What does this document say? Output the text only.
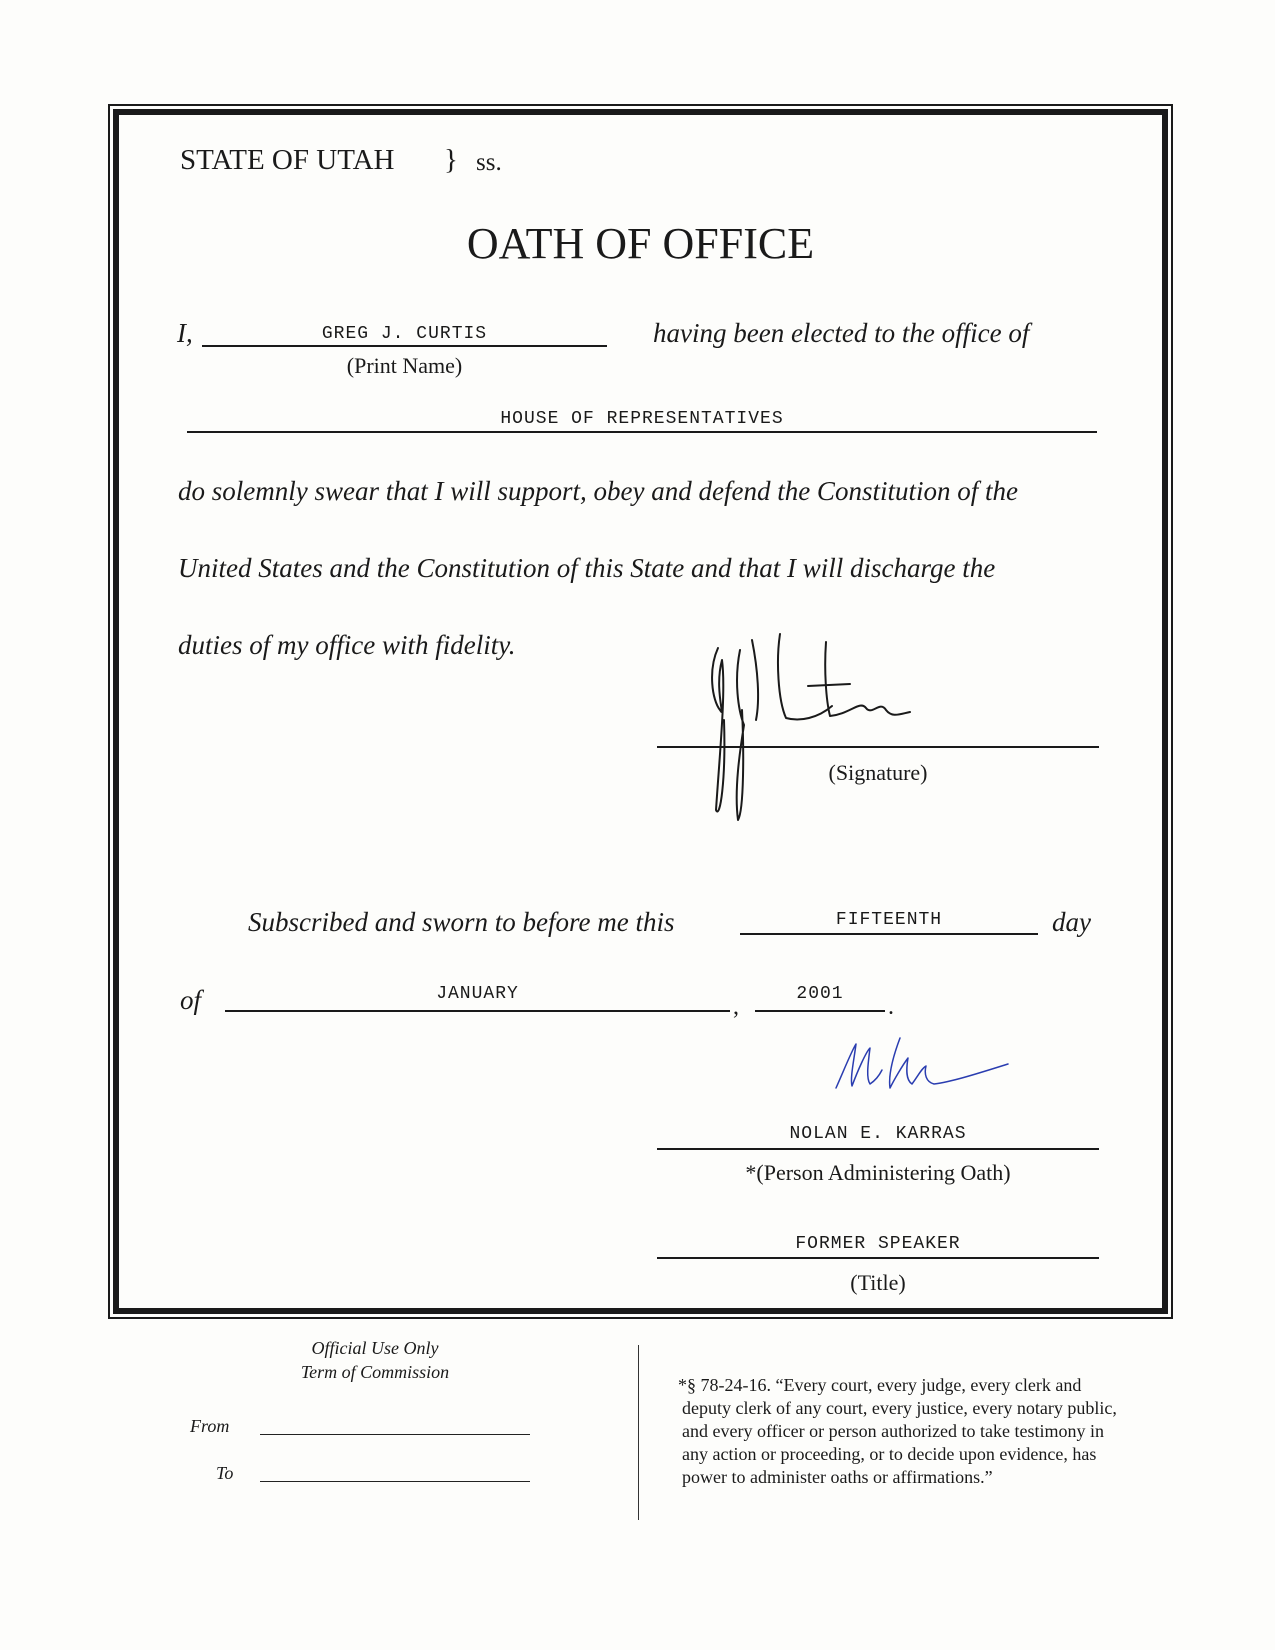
STATE OF UTAH } ss.
OATH OF OFFICE
I,	GREG J. CURTIS
(Print Name)
having been elected to the office of
HOUSE OF REPRESENTATIVES
do solemnly swear that I will support, obey and defend the Constitution of the
United States and the Constitution of this State and that I will discharge the
duties of my office with fidelity.
(Signature)
Subscribed and sworn to before me this	FIFTEENTH	day
of	JANUARY	,	2001	.
NOLAN E. KARRAS
*(Person Administering Oath)
FORMER SPEAKER
(Title)
Official Use Only
Term of Commission
From
To
*§ 78-24-16. “Every court, every judge, every clerk and
deputy clerk of any court, every justice, every notary public,
and every officer or person authorized to take testimony in
any action or proceeding, or to decide upon evidence, has
power to administer oaths or affirmations.”
